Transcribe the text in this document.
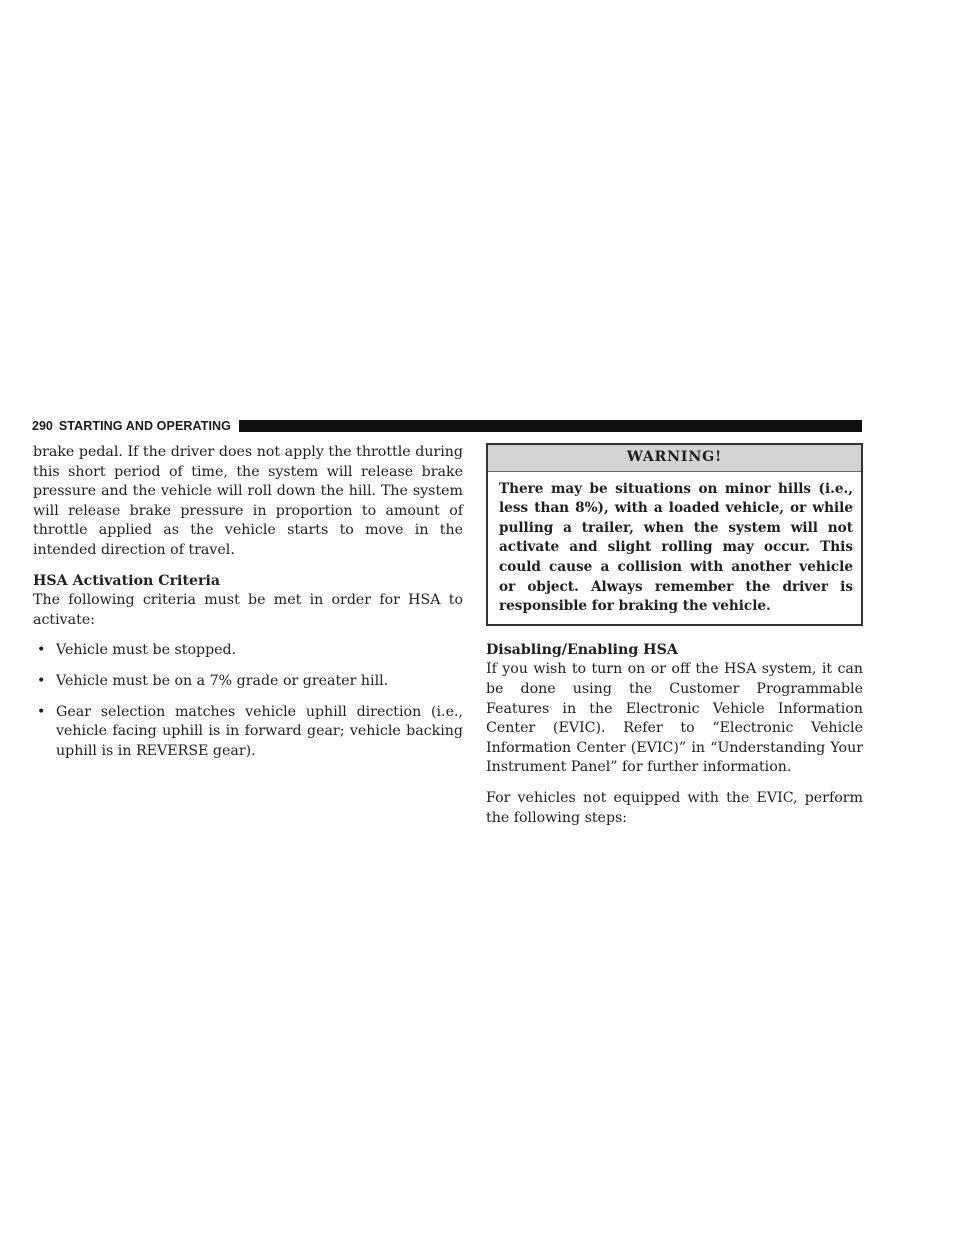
290 STARTING AND OPERATING

brake pedal. If the driver does not apply the throttle during this short period of time, the system will release brake pressure and the vehicle will roll down the hill. The system will release brake pressure in proportion to amount of throttle applied as the vehicle starts to move in the intended direction of travel.

HSA Activation Criteria

The following criteria must be met in order for HSA to activate:

• Vehicle must be stopped.
• Vehicle must be on a 7% grade or greater hill.
• Gear selection matches vehicle uphill direction (i.e., vehicle facing uphill is in forward gear; vehicle backing uphill is in REVERSE gear).
WARNING!
There may be situations on minor hills (i.e., less than 8%), with a loaded vehicle, or while pulling a trailer, when the system will not activate and slight rolling may occur. This could cause a collision with another vehicle or object. Always remember the driver is responsible for braking the vehicle.
Disabling/Enabling HSA

If you wish to turn on or off the HSA system, it can be done using the Customer Programmable Features in the Electronic Vehicle Information Center (EVIC). Refer to “Electronic Vehicle Information Center (EVIC)” in “Understanding Your Instrument Panel” for further information.

For vehicles not equipped with the EVIC, perform the following steps:
